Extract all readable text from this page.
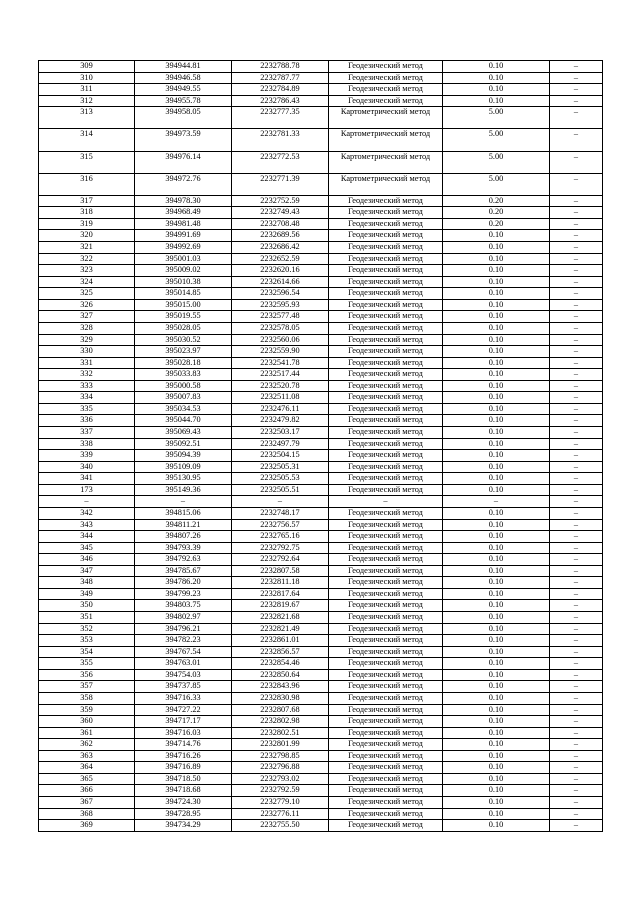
309	394944.81	2232788.78	Геодезический метод	0.10	–
310	394946.58	2232787.77	Геодезический метод	0.10	–
311	394949.55	2232784.89	Геодезический метод	0.10	–
312	394955.78	2232786.43	Геодезический метод	0.10	–
313	394958.05	2232777.35	Картометрический метод	5.00	–
314	394973.59	2232781.33	Картометрический метод	5.00	–
315	394976.14	2232772.53	Картометрический метод	5.00	–
316	394972.76	2232771.39	Картометрический метод	5.00	–
317	394978.30	2232752.59	Геодезический метод	0.20	–
318	394968.49	2232749.43	Геодезический метод	0.20	–
319	394981.48	2232708.48	Геодезический метод	0.20	–
320	394991.69	2232689.56	Геодезический метод	0.10	–
321	394992.69	2232686.42	Геодезический метод	0.10	–
322	395001.03	2232652.59	Геодезический метод	0.10	–
323	395009.02	2232620.16	Геодезический метод	0.10	–
324	395010.38	2232614.66	Геодезический метод	0.10	–
325	395014.85	2232596.54	Геодезический метод	0.10	–
326	395015.00	2232595.93	Геодезический метод	0.10	–
327	395019.55	2232577.48	Геодезический метод	0.10	–
328	395028.05	2232578.05	Геодезический метод	0.10	–
329	395030.52	2232560.06	Геодезический метод	0.10	–
330	395023.97	2232559.90	Геодезический метод	0.10	–
331	395028.18	2232541.78	Геодезический метод	0.10	–
332	395033.83	2232517.44	Геодезический метод	0.10	–
333	395000.58	2232520.78	Геодезический метод	0.10	–
334	395007.83	2232511.08	Геодезический метод	0.10	–
335	395034.53	2232476.11	Геодезический метод	0.10	–
336	395044.70	2232479.82	Геодезический метод	0.10	–
337	395069.43	2232503.17	Геодезический метод	0.10	–
338	395092.51	2232497.79	Геодезический метод	0.10	–
339	395094.39	2232504.15	Геодезический метод	0.10	–
340	395109.09	2232505.31	Геодезический метод	0.10	–
341	395130.95	2232505.53	Геодезический метод	0.10	–
173	395149.36	2232505.51	Геодезический метод	0.10	–
–	–	–	–	–	–
342	394815.06	2232748.17	Геодезический метод	0.10	–
343	394811.21	2232756.57	Геодезический метод	0.10	–
344	394807.26	2232765.16	Геодезический метод	0.10	–
345	394793.39	2232792.75	Геодезический метод	0.10	–
346	394792.63	2232792.64	Геодезический метод	0.10	–
347	394785.67	2232807.58	Геодезический метод	0.10	–
348	394786.20	2232811.18	Геодезический метод	0.10	–
349	394799.23	2232817.64	Геодезический метод	0.10	–
350	394803.75	2232819.67	Геодезический метод	0.10	–
351	394802.97	2232821.68	Геодезический метод	0.10	–
352	394796.21	2232821.49	Геодезический метод	0.10	–
353	394782.23	2232861.01	Геодезический метод	0.10	–
354	394767.54	2232856.57	Геодезический метод	0.10	–
355	394763.01	2232854.46	Геодезический метод	0.10	–
356	394754.03	2232850.64	Геодезический метод	0.10	–
357	394737.85	2232843.96	Геодезический метод	0.10	–
358	394716.33	2232830.98	Геодезический метод	0.10	–
359	394727.22	2232807.68	Геодезический метод	0.10	–
360	394717.17	2232802.98	Геодезический метод	0.10	–
361	394716.03	2232802.51	Геодезический метод	0.10	–
362	394714.76	2232801.99	Геодезический метод	0.10	–
363	394716.26	2232798.85	Геодезический метод	0.10	–
364	394716.89	2232796.88	Геодезический метод	0.10	–
365	394718.50	2232793.02	Геодезический метод	0.10	–
366	394718.68	2232792.59	Геодезический метод	0.10	–
367	394724.30	2232779.10	Геодезический метод	0.10	–
368	394728.95	2232776.11	Геодезический метод	0.10	–
369	394734.29	2232755.50	Геодезический метод	0.10	–
